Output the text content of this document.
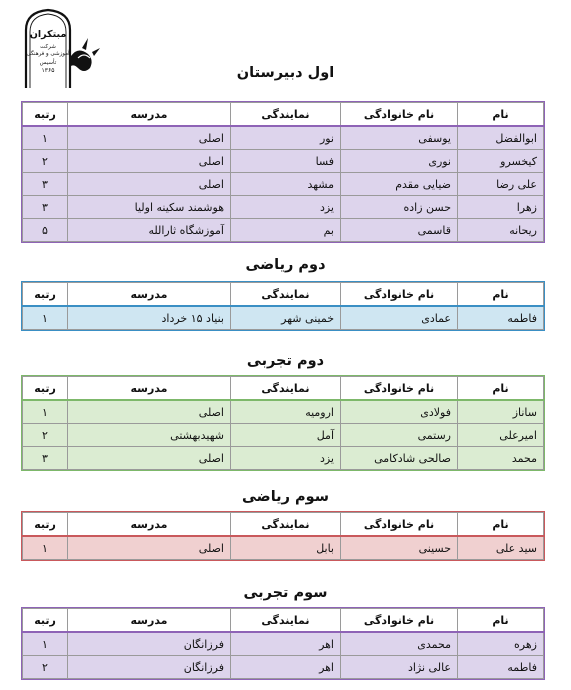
مبتکران
شرکت
آموزشی و فرهنگی
تأسیس
۱۳۶۵	اول دبیرستان
دوم ریاضی
دوم تجربی
سوم ریاضی
سوم تجربی
نام	نام خانوادگی	نمایندگی	مدرسه	رتبه
ابوالفضل	یوسفی	نور	اصلی	۱
کیخسرو	نوری	فسا	اصلی	۲
علی رضا	ضیایی مقدم	مشهد	اصلی	۳
زهرا	حسن زاده	یزد	هوشمند سکینه اولیا	۳
ریحانه	قاسمی	بم	آموزشگاه ثارالله	۵
نام	نام خانوادگی	نمایندگی	مدرسه	رتبه
فاطمه	عمادی	خمینی شهر	بنیاد ۱۵ خرداد	۱
نام	نام خانوادگی	نمایندگی	مدرسه	رتبه
ساناز	فولادی	ارومیه	اصلی	۱
امیرعلی	رستمی	آمل	شهیدبهشتی	۲
محمد	صالحی شادکامی	یزد	اصلی	۳
نام	نام خانوادگی	نمایندگی	مدرسه	رتبه
سید علی	حسینی	بابل	اصلی	۱
نام	نام خانوادگی	نمایندگی	مدرسه	رتبه
زهره	محمدی	اهر	فرزانگان	۱
فاطمه	عالی نژاد	اهر	فرزانگان	۲
